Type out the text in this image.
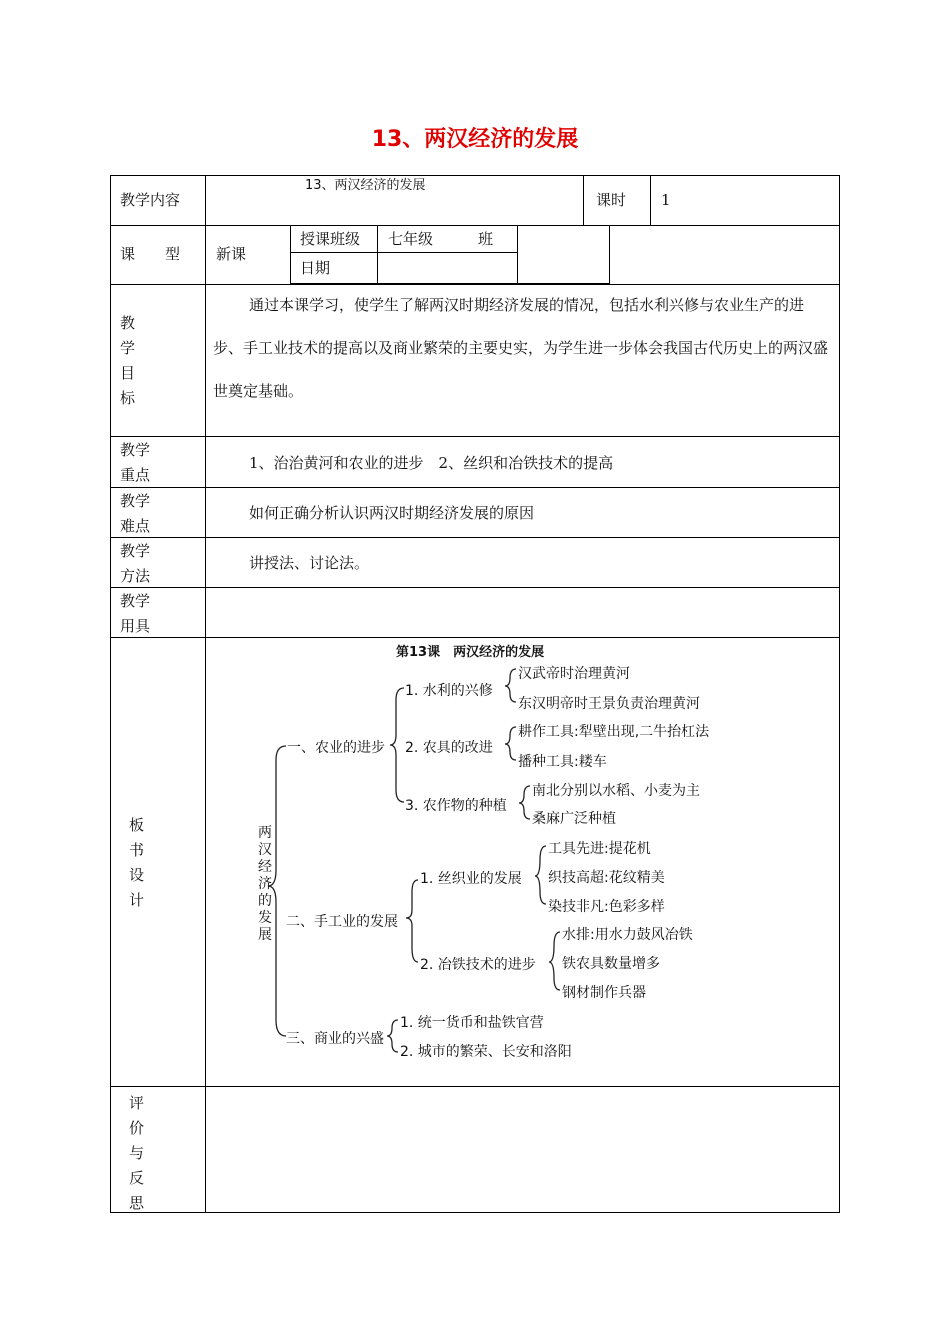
13、两汉经济的发展
教学内容
13、两汉经济的发展
课时 1
课　　型 新课
授课班级 七年级　　　班
日期
教
学
目
标
通过本课学习，使学生了解两汉时期经济发展的情况，包括水利兴修与农业生产的进步、手工业技术的提高以及商业繁荣的主要史实，为学生进一步体会我国古代历史上的两汉盛世奠定基础。
教学
重点
1、治治黄河和农业的进步　2、丝织和冶铁技术的提高
教学
难点
如何正确分析认识两汉时期经济发展的原因
教学
方法
讲授法、讨论法。
教学
用具
板
书
设
计
评
价
与
反
思
第13课　两汉经济的发展
两
汉
经
济
的
发
展
一、农业的进步
1. 水利的兴修
汉武帝时治理黄河
东汉明帝时王景负责治理黄河
2. 农具的改进
耕作工具:犁壁出现,二牛抬杠法
播种工具:耧车
3. 农作物的种植
南北分别以水稻、小麦为主
桑麻广泛种植
二、手工业的发展
1. 丝织业的发展
工具先进:提花机
织技高超:花纹精美
染技非凡:色彩多样
2. 冶铁技术的进步
水排:用水力鼓风冶铁
铁农具数量增多
钢材制作兵器
三、商业的兴盛
1. 统一货币和盐铁官营
2. 城市的繁荣、长安和洛阳
